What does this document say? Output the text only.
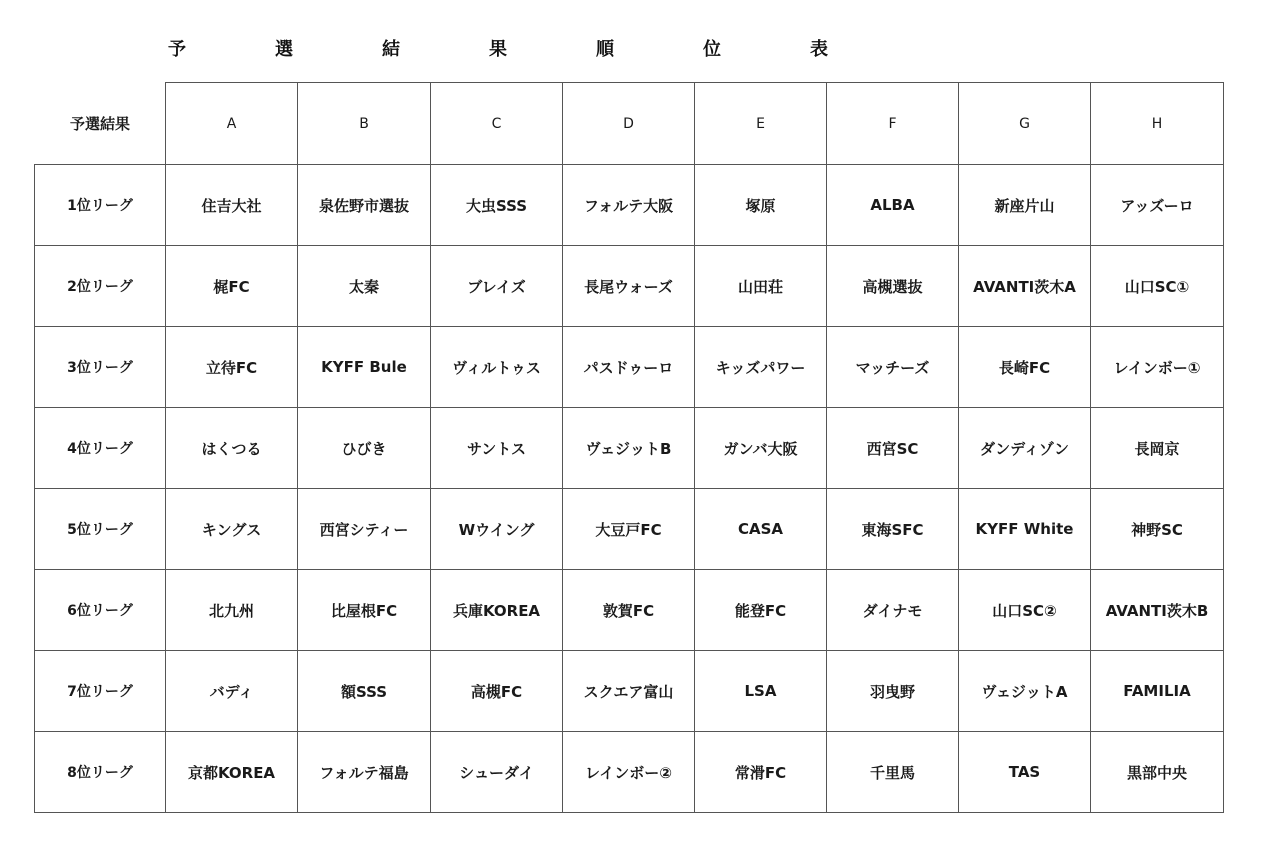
予	選	結	果	順	位	表
予選結果	A	B	C	D	E	F	G	H
1位リーグ	住吉大社	泉佐野市選抜	大虫SSS	フォルテ大阪	塚原	ALBA	新座片山	アッズーロ
2位リーグ	梶FC	太秦	ブレイズ	長尾ウォーズ	山田荘	高槻選抜	AVANTI茨木A	山口SC①
3位リーグ	立待FC	KYFF Bule	ヴィルトゥス	パスドゥーロ	キッズパワー	マッチーズ	長崎FC	レインボー①
4位リーグ	はくつる	ひびき	サントス	ヴェジットB	ガンバ大阪	西宮SC	ダンディゾン	長岡京
5位リーグ	キングス	西宮シティー	Wウイング	大豆戸FC	CASA	東海SFC	KYFF White	神野SC
6位リーグ	北九州	比屋根FC	兵庫KOREA	敦賀FC	能登FC	ダイナモ	山口SC②	AVANTI茨木B
7位リーグ	バディ	額SSS	高槻FC	スクエア富山	LSA	羽曳野	ヴェジットA	FAMILIA
8位リーグ	京都KOREA	フォルテ福島	シューダイ	レインボー②	常滑FC	千里馬	TAS	黒部中央
